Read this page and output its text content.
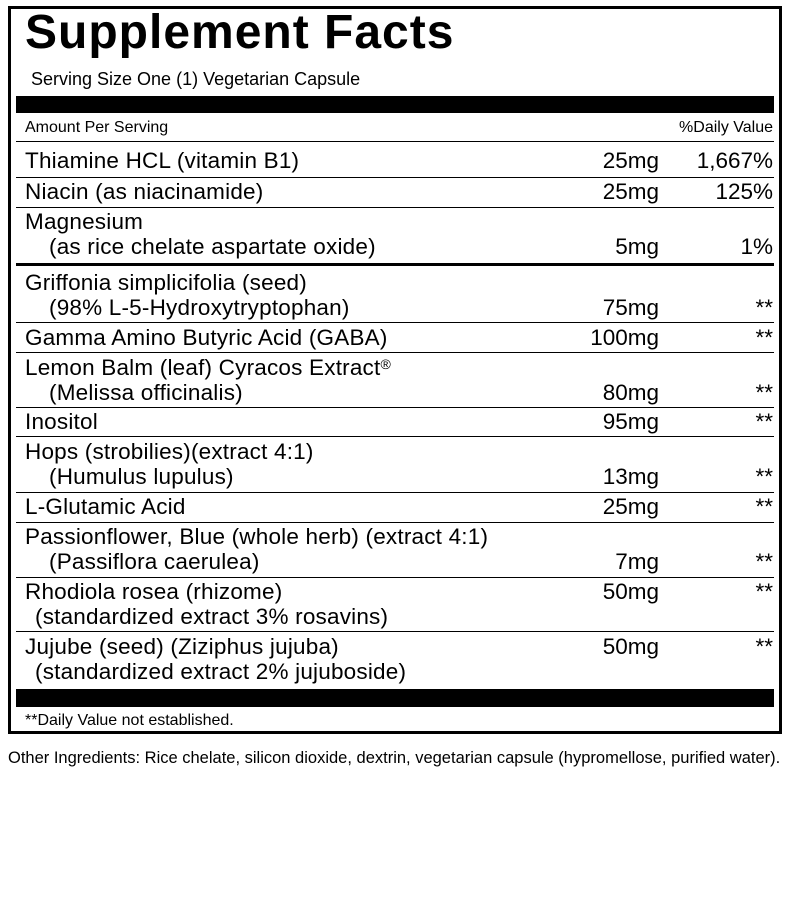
Supplement Facts
Serving Size One (1) Vegetarian Capsule
Amount Per Serving	%Daily Value
Thiamine HCL (vitamin B1)	25mg	1,667%
Niacin (as niacinamide)	25mg	125%
Magnesium
(as rice chelate aspartate oxide)	5mg	1%
Griffonia simplicifolia (seed)
(98% L-5-Hydroxytryptophan)	75mg	**
Gamma Amino Butyric Acid (GABA)	100mg	**
Lemon Balm (leaf) Cyracos Extract®
(Melissa officinalis)	80mg	**
Inositol	95mg	**
Hops (strobilies)(extract 4:1)
(Humulus lupulus)	13mg	**
L-Glutamic Acid	25mg	**
Passionflower, Blue (whole herb) (extract 4:1)
(Passiflora caerulea)	7mg	**
Rhodiola rosea (rhizome)	50mg	**
(standardized extract 3% rosavins)
Jujube (seed) (Ziziphus jujuba)	50mg	**
(standardized extract 2% jujuboside)
**Daily Value not established.
Other Ingredients: Rice chelate, silicon dioxide, dextrin, vegetarian capsule (hypromellose, purified water).
